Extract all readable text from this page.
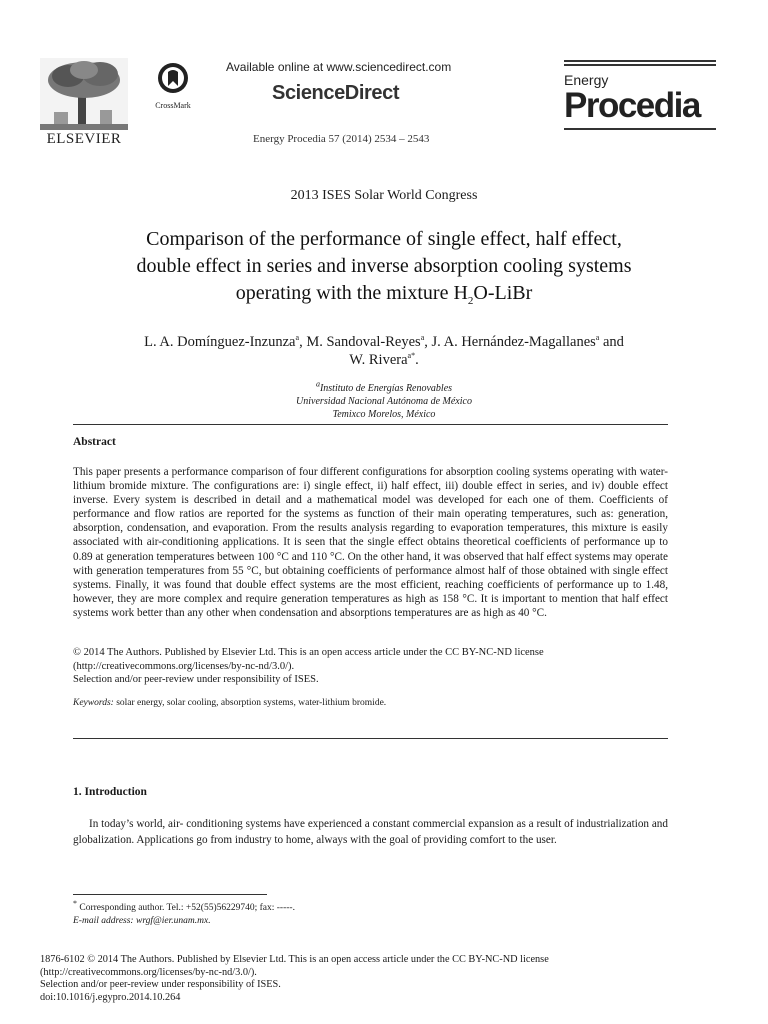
ELSEVIER
CrossMark
Available online at www.sciencedirect.com
ScienceDirect
Energy Procedia 57 (2014) 2534 – 2543
Energy
Procedia
2013 ISES Solar World Congress
Comparison of the performance of single effect, half effect,
double effect in series and inverse absorption cooling systems
operating with the mixture $H_2O$-LiBr
L. A. Domínguez-Inzunza$^a$, M. Sandoval-Reyes$^a$, J. A. Hernández-Magallanes$^a$ and
W. Rivera$^{a*}$.
$^a$Instituto de Energías Renovables
Universidad Nacional Autónoma de México
Temixco Morelos, México
Abstract
This paper presents a performance comparison of four different configurations for absorption cooling systems operating with water-lithium bromide mixture. The configurations are: i) single effect, ii) half effect, iii) double effect in series, and iv) double effect inverse. Every system is described in detail and a mathematical model was developed for each one of them. Coefficients of performance and flow ratios are reported for the systems as function of their main operating temperatures, such as: generation, absorption, condensation, and evaporation. From the results analysis regarding to evaporation temperatures, this mixture is easily associated with air-conditioning applications. It is seen that the single effect obtains theoretical coefficients of performance up to 0.89 at generation temperatures between 100 °C and 110 °C. On the other hand, it was observed that half effect systems may operate with generation temperatures from 55 °C, but obtaining coefficients of performance almost half of those obtained with single effect systems. Finally, it was found that double effect systems are the most efficient, reaching coefficients of performance up to 1.48, however, they are more complex and require generation temperatures as high as 158 °C. It is important to mention that half effect systems work better than any other when condensation and absorptions temperatures are as high as 40 °C.
© 2014 The Authors. Published by Elsevier Ltd. This is an open access article under the CC BY-NC-ND license
(http://creativecommons.org/licenses/by-nc-nd/3.0/).
Selection and/or peer-review under responsibility of ISES.
Keywords: solar energy, solar cooling, absorption systems, water-lithium bromide.
1. Introduction
In today’s world, air- conditioning systems have experienced a constant commercial expansion as a result of industrialization and globalization. Applications go from industry to home, always with the goal of providing comfort to the user.
* Corresponding author. Tel.: +52(55)56229740; fax: -----.
E-mail address: wrgf@ier.unam.mx.
1876-6102 © 2014 The Authors. Published by Elsevier Ltd. This is an open access article under the CC BY-NC-ND license
(http://creativecommons.org/licenses/by-nc-nd/3.0/).
Selection and/or peer-review under responsibility of ISES.
doi:10.1016/j.egypro.2014.10.264
